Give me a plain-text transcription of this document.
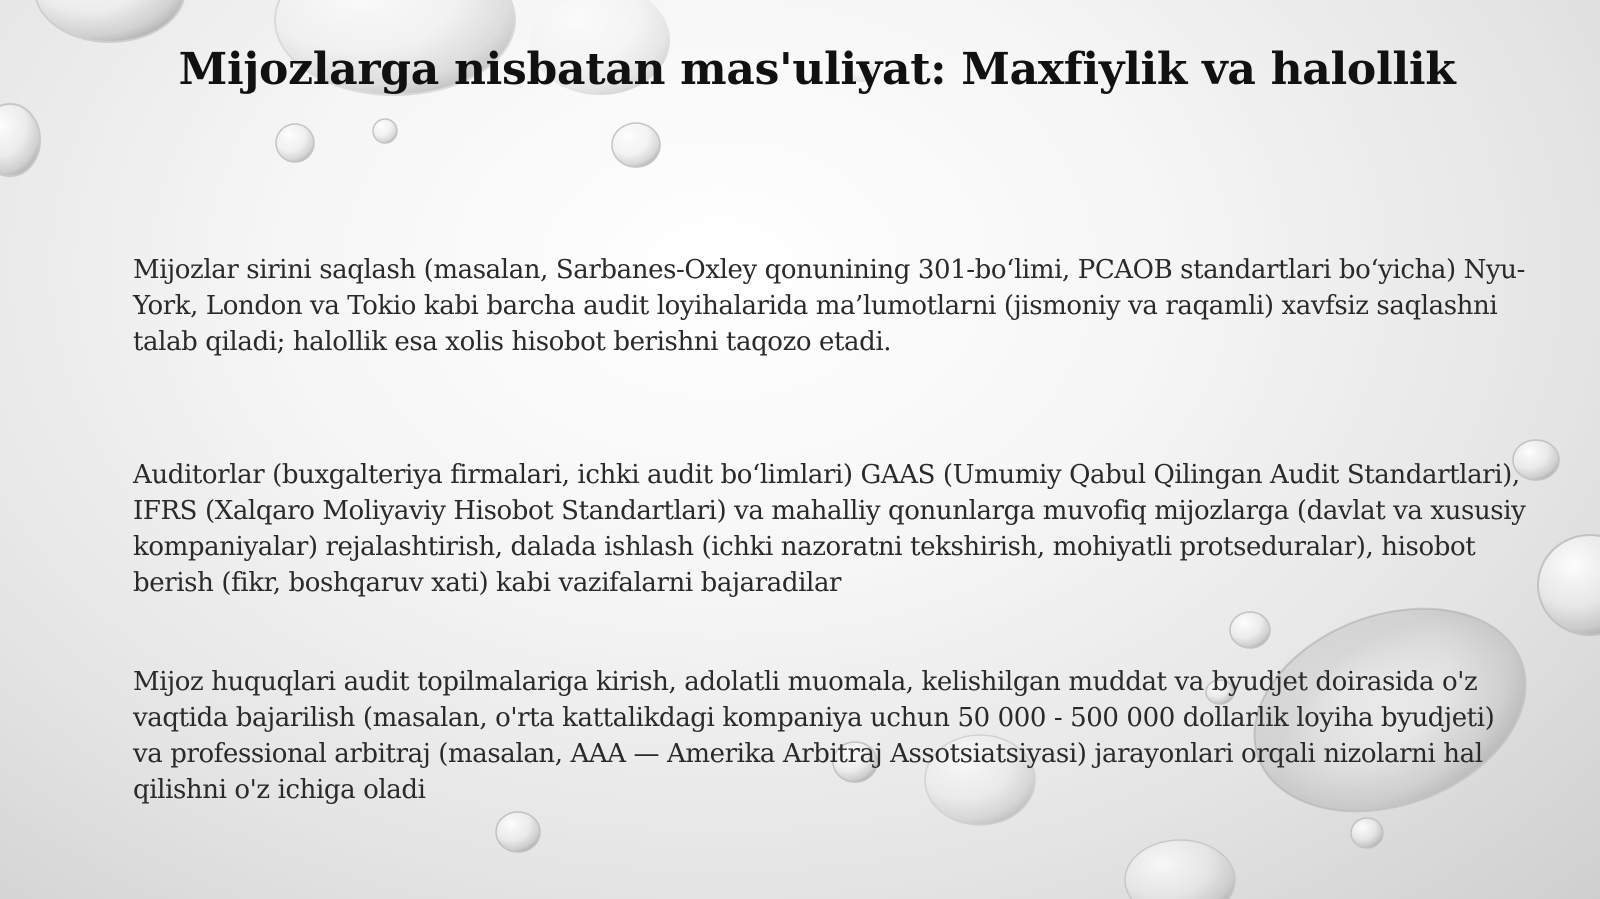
Mijozlarga nisbatan mas'uliyat: Maxfiylik va halollik

Mijozlar sirini saqlash (masalan, Sarbanes-Oxley qonunining 301-bo‘limi, PCAOB standartlari bo‘yicha) Nyu-York, London va Tokio kabi barcha audit loyihalarida ma’lumotlarni (jismoniy va raqamli) xavfsiz saqlashni talab qiladi; halollik esa xolis hisobot berishni taqozo etadi.

Auditorlar (buxgalteriya firmalari, ichki audit bo‘limlari) GAAS (Umumiy Qabul Qilingan Audit Standartlari), IFRS (Xalqaro Moliyaviy Hisobot Standartlari) va mahalliy qonunlarga muvofiq mijozlarga (davlat va xususiy kompaniyalar) rejalashtirish, dalada ishlash (ichki nazoratni tekshirish, mohiyatli protseduralar), hisobot berish (fikr, boshqaruv xati) kabi vazifalarni bajaradilar

Mijoz huquqlari audit topilmalariga kirish, adolatli muomala, kelishilgan muddat va byudjet doirasida o'z vaqtida bajarilish (masalan, o'rta kattalikdagi kompaniya uchun 50 000 - 500 000 dollarlik loyiha byudjeti) va professional arbitraj (masalan, AAA — Amerika Arbitraj Assotsiatsiyasi) jarayonlari orqali nizolarni hal qilishni o'z ichiga oladi
